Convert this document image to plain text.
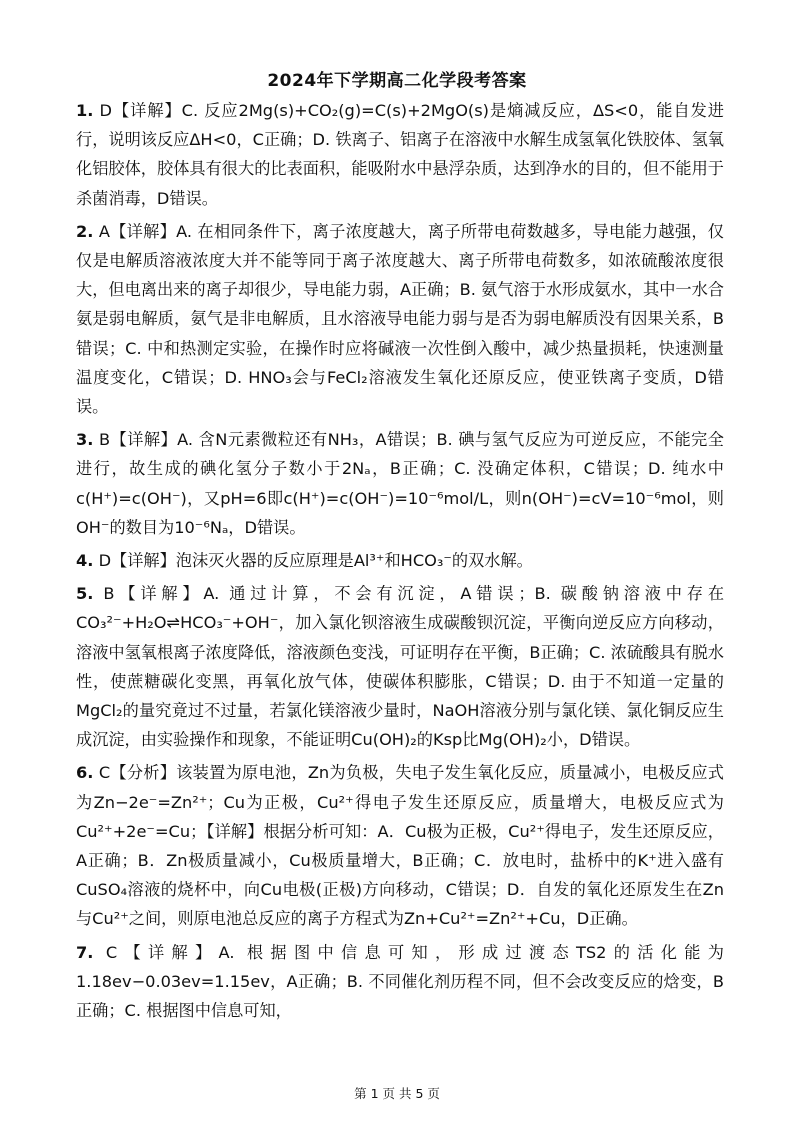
2024年下学期高二化学段考答案

1. D【详解】C. 反应2Mg(s)+CO₂(g)=C(s)+2MgO(s)是熵减反应，ΔS<0，能自发进行，说明该反应ΔH<0，C正确；D. 铁离子、铝离子在溶液中水解生成氢氧化铁胶体、氢氧化铝胶体，胶体具有很大的比表面积，能吸附水中悬浮杂质，达到净水的目的，但不能用于杀菌消毒，D错误。

2. A【详解】A. 在相同条件下，离子浓度越大，离子所带电荷数越多，导电能力越强，仅仅是电解质溶液浓度大并不能等同于离子浓度越大、离子所带电荷数多，如浓硫酸浓度很大，但电离出来的离子却很少，导电能力弱，A正确；B. 氨气溶于水形成氨水，其中一水合氨是弱电解质，氨气是非电解质，且水溶液导电能力弱与是否为弱电解质没有因果关系，B错误；C. 中和热测定实验，在操作时应将碱液一次性倒入酸中，减少热量损耗，快速测量温度变化，C错误；D. HNO₃会与FeCl₂溶液发生氧化还原反应，使亚铁离子变质，D错误。

3. B【详解】A. 含N元素微粒还有NH₃，A错误；B. 碘与氢气反应为可逆反应，不能完全进行，故生成的碘化氢分子数小于2Nₐ，B正确；C. 没确定体积，C错误；D. 纯水中c(H⁺)=c(OH⁻)，又pH=6即c(H⁺)=c(OH⁻)=10⁻⁶mol/L，则n(OH⁻)=cV=10⁻⁶mol，则OH⁻的数目为10⁻⁶Nₐ，D错误。

4. D【详解】泡沫灭火器的反应原理是Al³⁺和HCO₃⁻的双水解。

5. B【详解】A. 通过计算，不会有沉淀，A错误；B. 碳酸钠溶液中存在CO₃²⁻+H₂O⇌HCO₃⁻+OH⁻，加入氯化钡溶液生成碳酸钡沉淀，平衡向逆反应方向移动，溶液中氢氧根离子浓度降低，溶液颜色变浅，可证明存在平衡，B正确；C. 浓硫酸具有脱水性，使蔗糖碳化变黑，再氧化放气体，使碳体积膨胀，C错误；D. 由于不知道一定量的MgCl₂的量究竟过不过量，若氯化镁溶液少量时，NaOH溶液分别与氯化镁、氯化铜反应生成沉淀，由实验操作和现象，不能证明Cu(OH)₂的Ksp比Mg(OH)₂小，D错误。

6. C【分析】该装置为原电池，Zn为负极，失电子发生氧化反应，质量减小，电极反应式为Zn−2e⁻=Zn²⁺；Cu为正极，Cu²⁺得电子发生还原反应，质量增大，电极反应式为Cu²⁺+2e⁻=Cu；【详解】根据分析可知：A．Cu极为正极，Cu²⁺得电子，发生还原反应，A正确；B．Zn极质量减小，Cu极质量增大，B正确；C．放电时，盐桥中的K⁺进入盛有CuSO₄溶液的烧杯中，向Cu电极(正极)方向移动，C错误；D．自发的氧化还原发生在Zn与Cu²⁺之间，则原电池总反应的离子方程式为Zn+Cu²⁺=Zn²⁺+Cu，D正确。

7. C【详解】A. 根据图中信息可知，形成过渡态TS2的活化能为1.18ev−0.03ev=1.15ev，A正确；B. 不同催化剂历程不同，但不会改变反应的焓变，B正确；C. 根据图中信息可知，

第 1 页 共 5 页
